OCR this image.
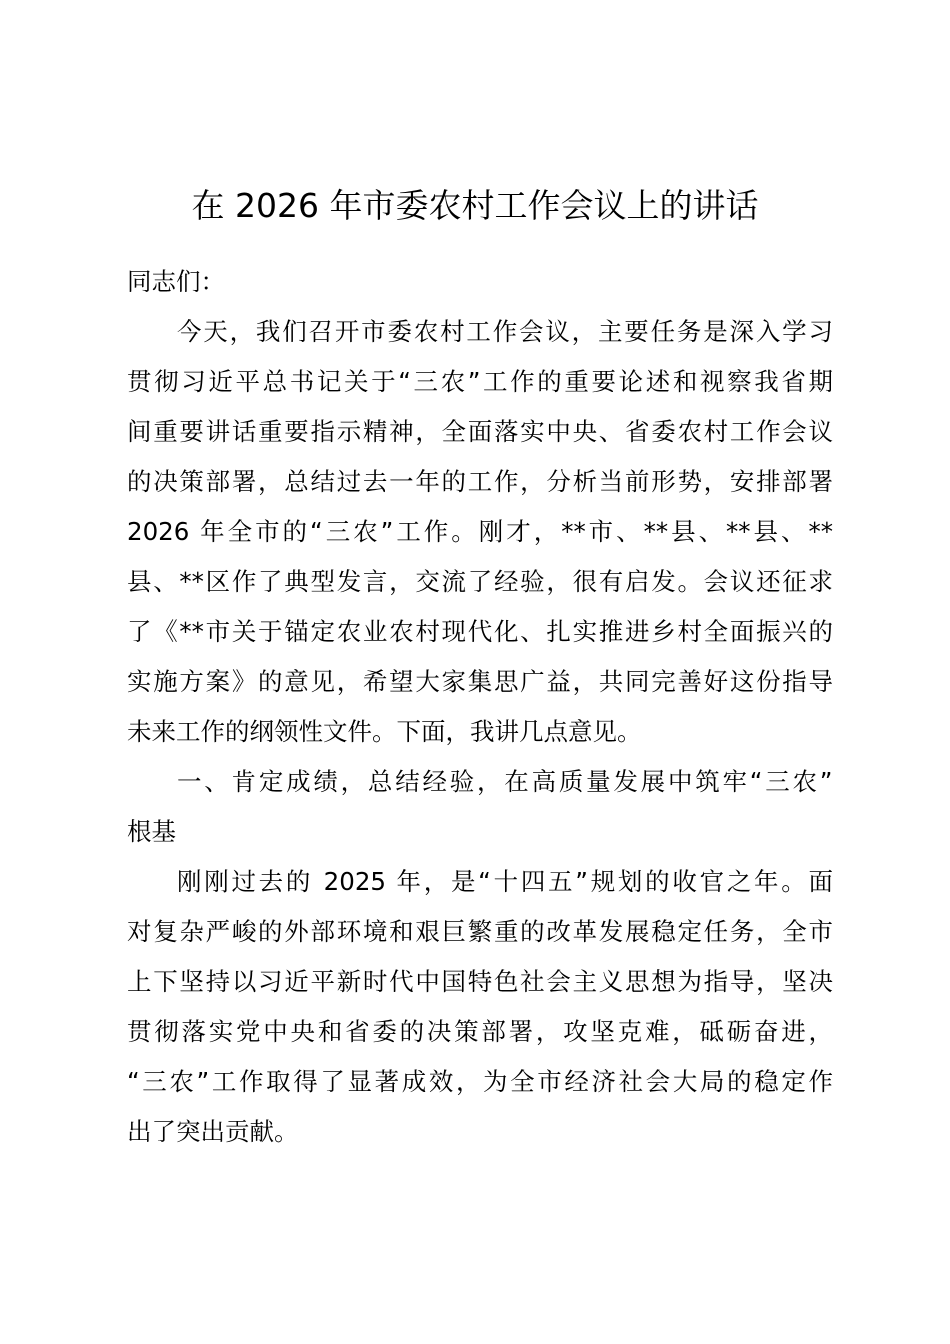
在 2026 年市委农村工作会议上的讲话
同志们：
今天，我们召开市委农村工作会议，主要任务是深入学习
贯彻习近平总书记关于“三农”工作的重要论述和视察我省期
间重要讲话重要指示精神，全面落实中央、省委农村工作会议
的决策部署，总结过去一年的工作，分析当前形势，安排部署
2026 年全市的“三农”工作。刚才，**市、**县、**县、**
县、**区作了典型发言，交流了经验，很有启发。会议还征求
了《**市关于锚定农业农村现代化、扎实推进乡村全面振兴的
实施方案》的意见，希望大家集思广益，共同完善好这份指导
未来工作的纲领性文件。下面，我讲几点意见。
一、肯定成绩，总结经验，在高质量发展中筑牢“三农”
根基
刚刚过去的 2025 年，是“十四五”规划的收官之年。面
对复杂严峻的外部环境和艰巨繁重的改革发展稳定任务，全市
上下坚持以习近平新时代中国特色社会主义思想为指导，坚决
贯彻落实党中央和省委的决策部署，攻坚克难，砥砺奋进，
“三农”工作取得了显著成效，为全市经济社会大局的稳定作
出了突出贡献。
